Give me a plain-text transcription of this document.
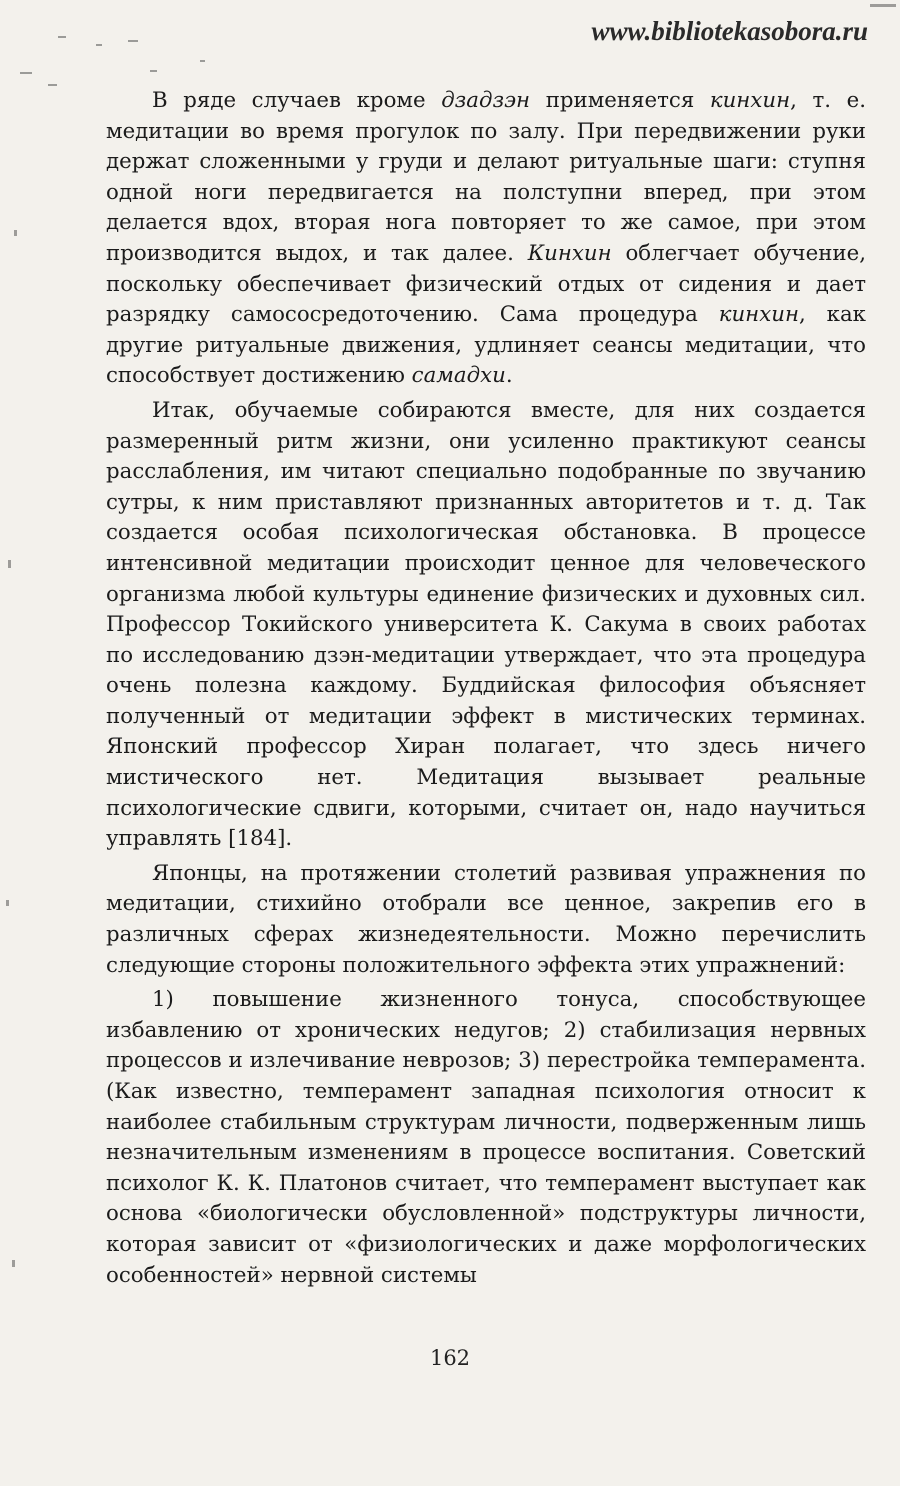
www.bibliotekasobora.ru

В ряде случаев кроме дзадзэн применяется кинхин, т. е. медитации во время прогулок по залу. При передвижении руки держат сложенными у груди и делают ритуальные шаги: ступня одной ноги передвигается на полступни вперед, при этом делается вдох, вторая нога повторяет то же самое, при этом производится выдох, и так далее. Кинхин облегчает обучение, поскольку обеспечивает физический отдых от сидения и дает разрядку самососредоточению. Сама процедура кинхин, как другие ритуальные движения, удлиняет сеансы медитации, что способствует достижению самадхи.

Итак, обучаемые собираются вместе, для них создается размеренный ритм жизни, они усиленно практикуют сеансы расслабления, им читают специально подобранные по звучанию сутры, к ним приставляют признанных авторитетов и т. д. Так создается особая психологическая обстановка. В процессе интенсивной медитации происходит ценное для человеческого организма любой культуры единение физических и духовных сил. Профессор Токийского университета К. Сакума в своих работах по исследованию дзэн-медитации утверждает, что эта процедура очень полезна каждому. Буддийская философия объясняет полученный от медитации эффект в мистических терминах. Японский профессор Хиран полагает, что здесь ничего мистического нет. Медитация вызывает реальные психологические сдвиги, которыми, считает он, надо научиться управлять [184].

Японцы, на протяжении столетий развивая упражнения по медитации, стихийно отобрали все ценное, закрепив его в различных сферах жизнедеятельности. Можно перечислить следующие стороны положительного эффекта этих упражнений:

1) повышение жизненного тонуса, способствующее избавлению от хронических недугов; 2) стабилизация нервных процессов и излечивание неврозов; 3) перестройка темперамента. (Как известно, темперамент западная психология относит к наиболее стабильным структурам личности, подверженным лишь незначительным изменениям в процессе воспитания. Советский психолог К. К. Платонов считает, что темперамент выступает как основа «биологически обусловленной» подструктуры личности, которая зависит от «физиологических и даже морфологических особенностей» нервной системы

162
